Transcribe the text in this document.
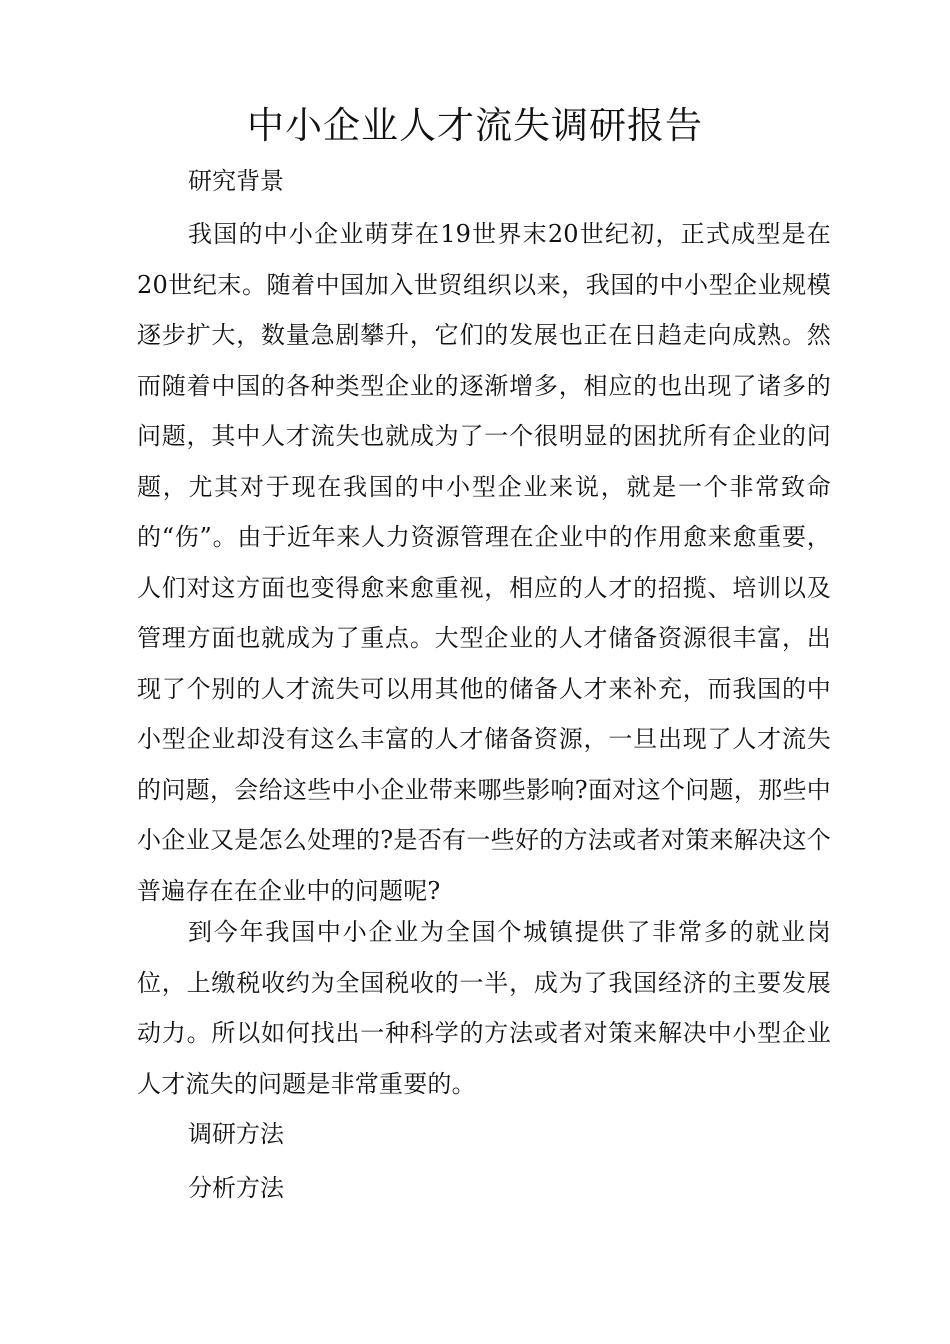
中小企业人才流失调研报告

研究背景

我国的中小企业萌芽在19世界末20世纪初，正式成型是在20世纪末。随着中国加入世贸组织以来，我国的中小型企业规模逐步扩大，数量急剧攀升，它们的发展也正在日趋走向成熟。然而随着中国的各种类型企业的逐渐增多，相应的也出现了诸多的问题，其中人才流失也就成为了一个很明显的困扰所有企业的问题，尤其对于现在我国的中小型企业来说，就是一个非常致命的“伤”。由于近年来人力资源管理在企业中的作用愈来愈重要，人们对这方面也变得愈来愈重视，相应的人才的招揽、培训以及管理方面也就成为了重点。大型企业的人才储备资源很丰富，出现了个别的人才流失可以用其他的储备人才来补充，而我国的中小型企业却没有这么丰富的人才储备资源，一旦出现了人才流失的问题，会给这些中小企业带来哪些影响?面对这个问题，那些中小企业又是怎么处理的?是否有一些好的方法或者对策来解决这个普遍存在在企业中的问题呢?

到今年我国中小企业为全国个城镇提供了非常多的就业岗位，上缴税收约为全国税收的一半，成为了我国经济的主要发展动力。所以如何找出一种科学的方法或者对策来解决中小型企业人才流失的问题是非常重要的。

调研方法

分析方法
